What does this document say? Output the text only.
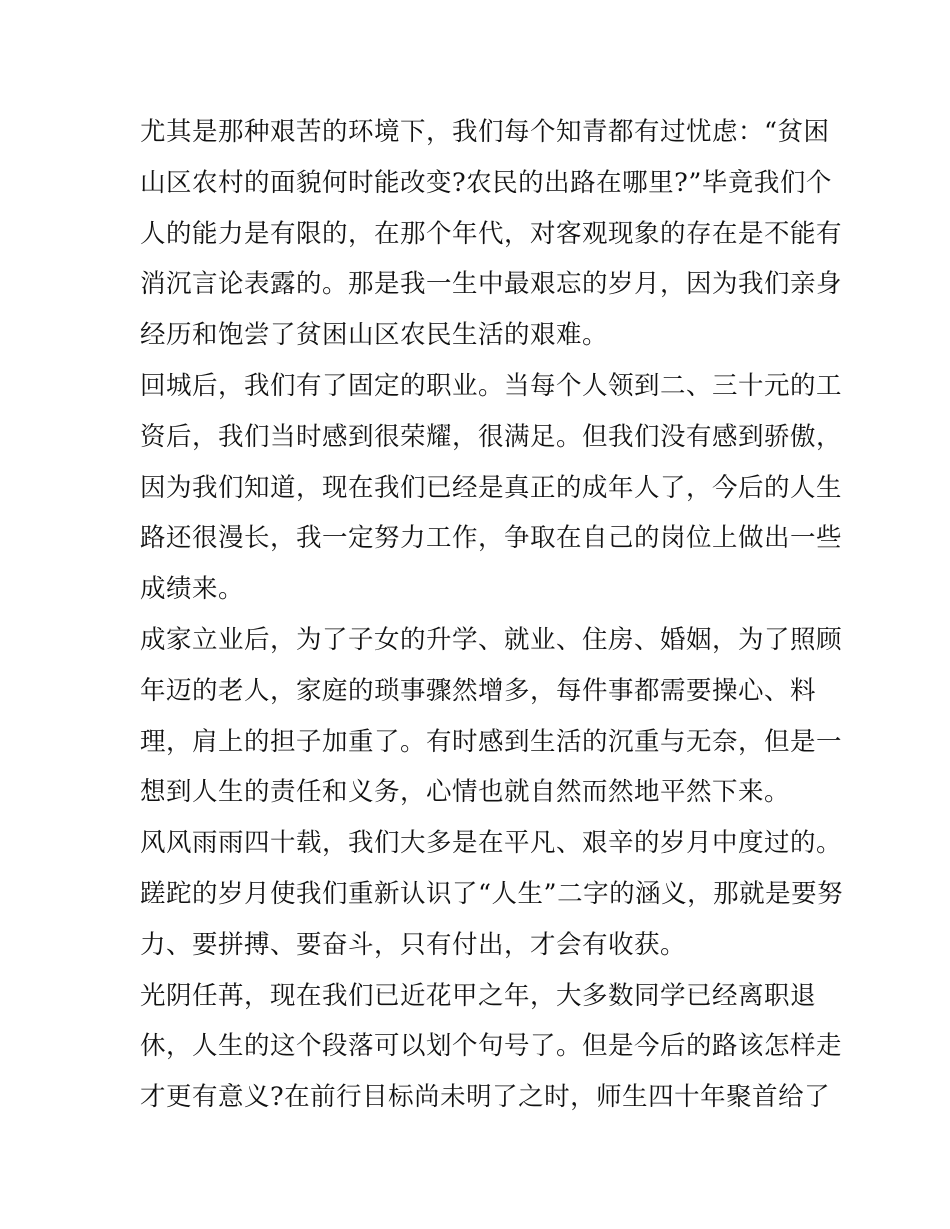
尤其是那种艰苦的环境下，我们每个知青都有过忧虑：“贫困
山区农村的面貌何时能改变?农民的出路在哪里?”毕竟我们个
人的能力是有限的，在那个年代，对客观现象的存在是不能有
消沉言论表露的。那是我一生中最艰忘的岁月，因为我们亲身
经历和饱尝了贫困山区农民生活的艰难。
回城后，我们有了固定的职业。当每个人领到二、三十元的工
资后，我们当时感到很荣耀，很满足。但我们没有感到骄傲，
因为我们知道，现在我们已经是真正的成年人了，今后的人生
路还很漫长，我一定努力工作，争取在自己的岗位上做出一些
成绩来。
成家立业后，为了子女的升学、就业、住房、婚姻，为了照顾
年迈的老人，家庭的琐事骤然增多，每件事都需要操心、料
理，肩上的担子加重了。有时感到生活的沉重与无奈，但是一
想到人生的责任和义务，心情也就自然而然地平然下来。
风风雨雨四十载，我们大多是在平凡、艰辛的岁月中度过的。
蹉跎的岁月使我们重新认识了“人生”二字的涵义，那就是要努
力、要拼搏、要奋斗，只有付出，才会有收获。
光阴任苒，现在我们已近花甲之年，大多数同学已经离职退
休，人生的这个段落可以划个句号了。但是今后的路该怎样走
才更有意义?在前行目标尚未明了之时，师生四十年聚首给了
